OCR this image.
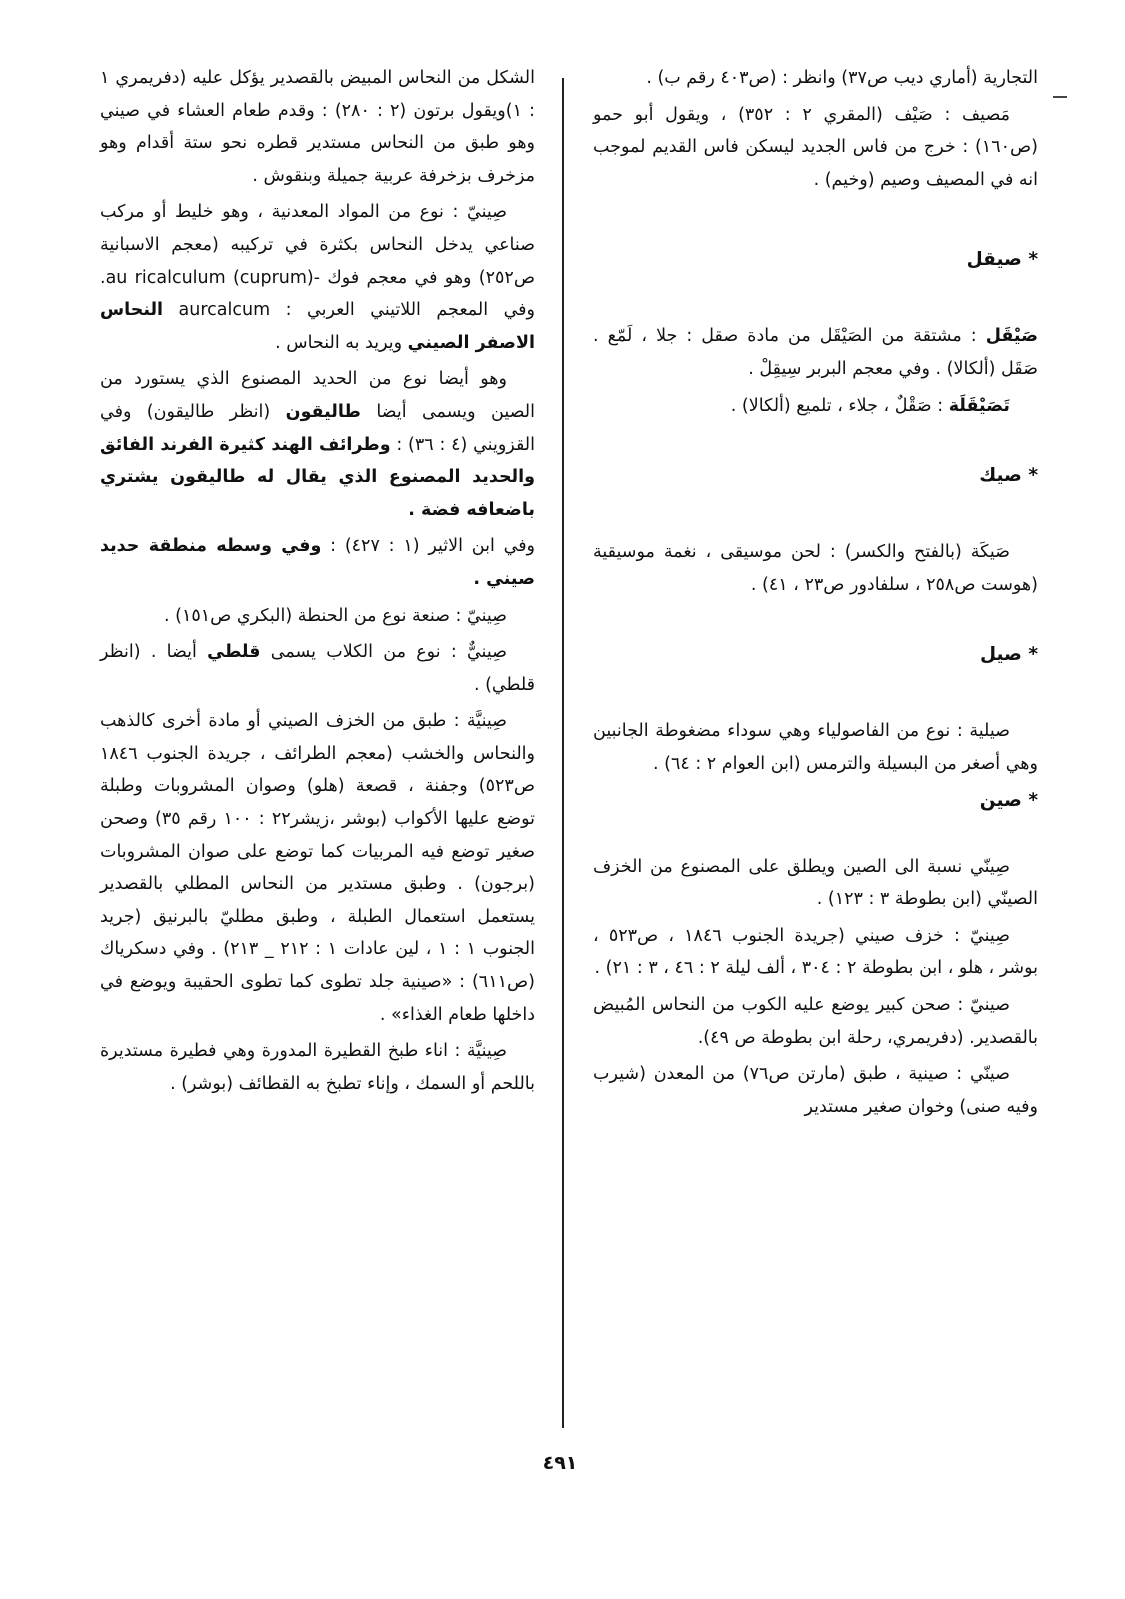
التجارية (أماري ديب ص٣٧) وانظر : (ص٤٠٣ رقم ب) .

مَصيف : صَيْف (المقري ٢ : ٣٥٢) ، ويقول أبو حمو (ص١٦٠) : خرج من فاس الجديد ليسكن فاس القديم لموجب انه في المصيف وصيم (وخيم) .

* صيقل

صَيْقَل : مشتقة من الصَيْقَل من مادة صقل : جلا ، لَمّع . صَقَل (ألكالا) . وفي معجم البربر سِيقِلْ .

تَصَيْقَلَة : صَقْلٌ ، جلاء ، تلميع (ألكالا) .

* صيك

صَيكَة (بالفتح والكسر) : لحن موسيقى ، نغمة موسيقية (هوست ص٢٥٨ ، سلفادور ص٢٣ ، ٤١) .

* صيل

صيلية : نوع من الفاصولياء وهي سوداء مضغوطة الجانبين وهي أصغر من البسيلة والترمس (ابن العوام ٢ : ٦٤) .

* صين

صِينّي نسبة الى الصين ويطلق على المصنوع من الخزف الصينّي (ابن بطوطة ٣ : ١٢٣) .

صِينيّ : خزف صيني (جريدة الجنوب ١٨٤٦ ، ص٥٢٣ ، بوشر ، هلو ، ابن بطوطة ٢ : ٣٠٤ ، ألف ليلة ٢ : ٤٦ ، ٣ : ٢١) .

صينيّ : صحن كبير يوضع عليه الكوب من النحاس المُبيض بالقصدير. (دفريمري، رحلة ابن بطوطة ص ٤٩).

صينّي : صينية ، طبق (مارتن ص٧٦) من المعدن (شيرب وفيه صنى) وخوان صغير مستدير

الشكل من النحاس المبيض بالقصدير يؤكل عليه (دفريمري ١ : ١)ويقول برتون (٢ : ٢٨٠) : وقدم طعام العشاء في صيني وهو طبق من النحاس مستدير قطره نحو ستة أقدام وهو مزخرف بزخرفة عربية جميلة وبنقوش .

صِينيّ : نوع من المواد المعدنية ، وهو خليط أو مركب صناعي يدخل النحاس بكثرة في تركيبه (معجم الاسبانية ص٢٥٢) وهو في معجم فوك -au ricalculum (cuprum). وفي المعجم اللاتيني العربي : aurcalcum النحاس الاصفر الصيني ويريد به النحاس .

وهو أيضا نوع من الحديد المصنوع الذي يستورد من الصين ويسمى أيضا طاليقون (انظر طاليقون) وفي القزويني (٤ : ٣٦) : وطرائف الهند كثيرة الفرند الفائق والحديد المصنوع الذي يقال له طاليقون يشتري باضعافه فضة .

وفي ابن الاثير (١ : ٤٢٧) : وفي وسطه منطقة حديد صيني .

صِينيّ : صنعة نوع من الحنطة (البكري ص١٥١) .

صِينيٌّ : نوع من الكلاب يسمى قلطي أيضا . (انظر قلطي) .

صِينيَّة : طبق من الخزف الصيني أو مادة أخرى كالذهب والنحاس والخشب (معجم الطرائف ، جريدة الجنوب ١٨٤٦ ص٥٢٣) وجفنة ، قصعة (هلو) وصوان المشروبات وطبلة توضع عليها الأكواب (بوشر ،زيشر٢٢ : ١٠٠ رقم ٣٥) وصحن صغير توضع فيه المربيات كما توضع على صوان المشروبات (برجون) . وطبق مستدير من النحاس المطلي بالقصدير يستعمل استعمال الطبلة ، وطبق مطليّ بالبرنيق (جريد الجنوب ١ : ١ ، لين عادات ١ : ٢١٢ _ ٢١٣) . وفي دسكرياك (ص٦١١) : «صينية جلد تطوى كما تطوى الحقيبة ويوضع في داخلها طعام الغذاء» .

صِينيَّة : اناء طبخ القطيرة المدورة وهي فطيرة مستديرة باللحم أو السمك ، وإناء تطبخ به القطائف (بوشر) .

٤٩١
